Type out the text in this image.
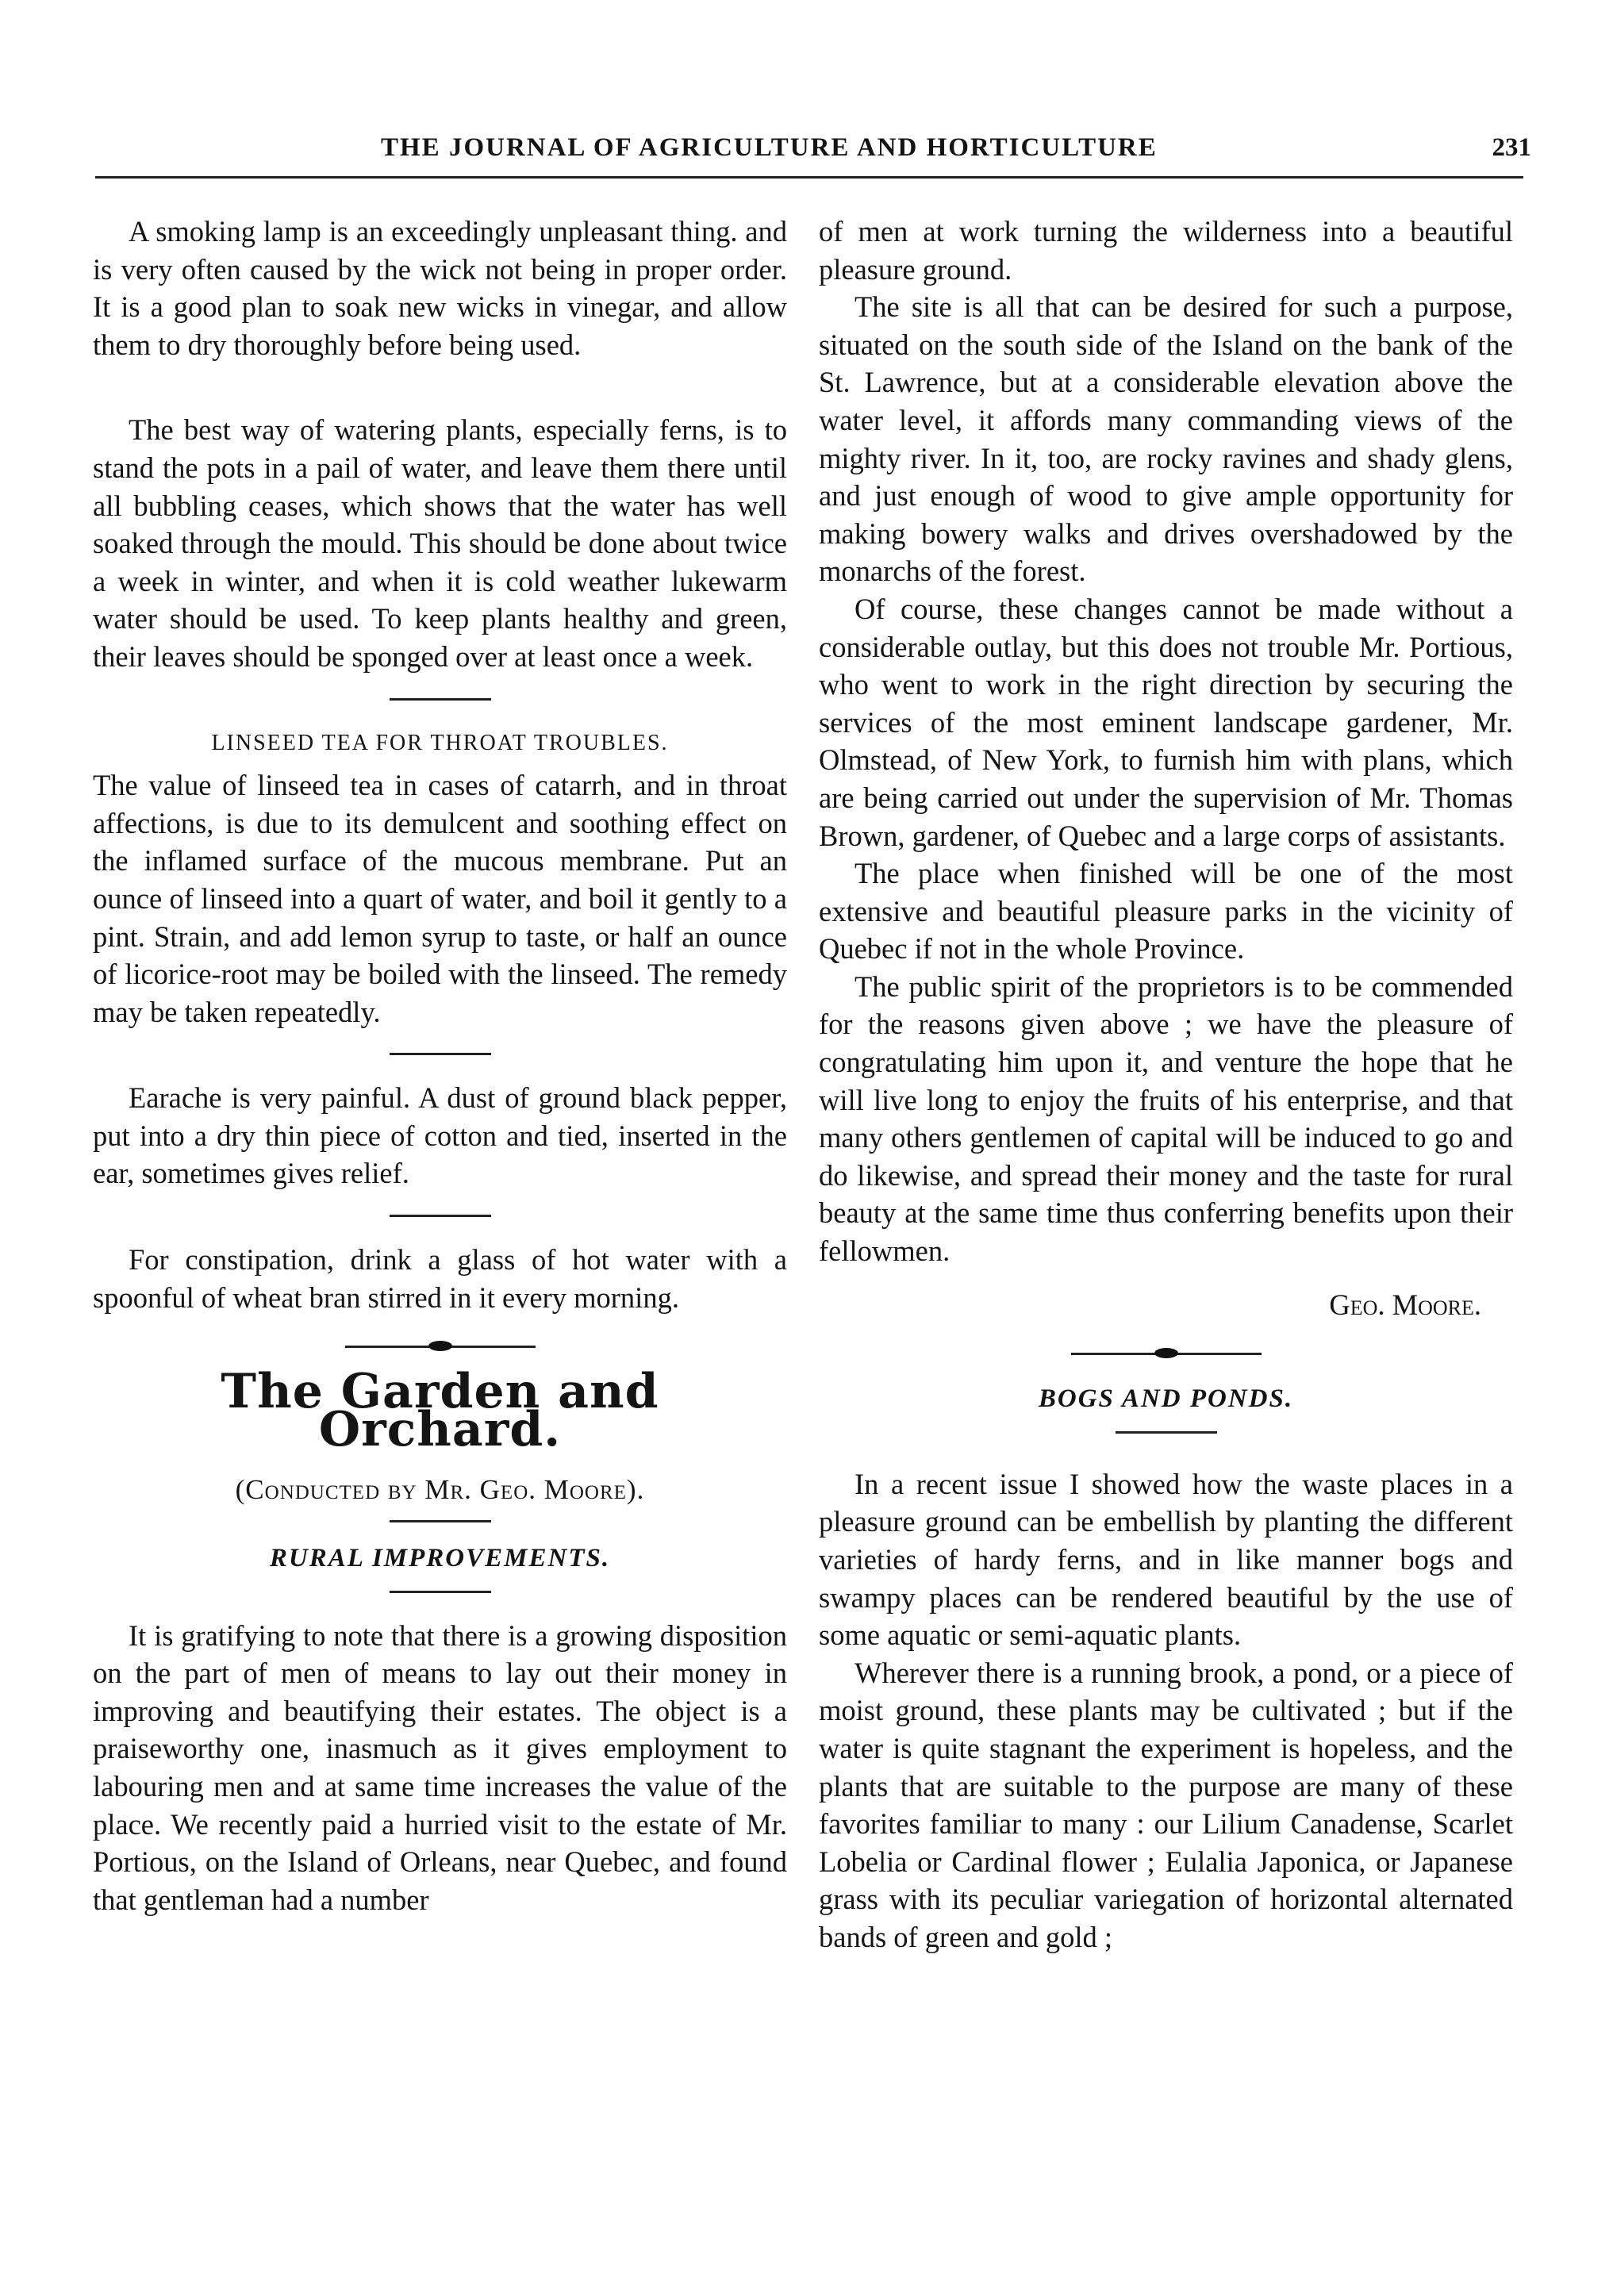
THE JOURNAL OF AGRICULTURE AND HORTICULTURE	231

A smoking lamp is an exceedingly unpleasant thing. and is very often caused by the wick not being in proper order. It is a good plan to soak new wicks in vinegar, and allow them to dry thoroughly before being used.

The best way of watering plants, especially ferns, is to stand the pots in a pail of water, and leave them there until all bubbling ceases, which shows that the water has well soaked through the mould. This should be done about twice a week in winter, and when it is cold weather lukewarm water should be used. To keep plants healthy and green, their leaves should be sponged over at least once a week.

LINSEED TEA FOR THROAT TROUBLES.

The value of linseed tea in cases of catarrh, and in throat affections, is due to its demulcent and soothing effect on the inflamed surface of the mucous membrane. Put an ounce of linseed into a quart of water, and boil it gently to a pint. Strain, and add lemon syrup to taste, or half an ounce of licorice-root may be boiled with the linseed. The remedy may be taken repeatedly.

Earache is very painful. A dust of ground black pepper, put into a dry thin piece of cotton and tied, inserted in the ear, sometimes gives relief.

For constipation, drink a glass of hot water with a spoonful of wheat bran stirred in it every morning.

The Garden and Orchard.
(Conducted by Mr. Geo. Moore).
RURAL IMPROVEMENTS.

It is gratifying to note that there is a growing disposition on the part of men of means to lay out their money in improving and beautifying their estates. The object is a praiseworthy one, inasmuch as it gives employment to labouring men and at same time increases the value of the place. We recently paid a hurried visit to the estate of Mr. Portious, on the Island of Orleans, near Quebec, and found that gentleman had a number

of men at work turning the wilderness into a beautiful pleasure ground.

The site is all that can be desired for such a purpose, situated on the south side of the Island on the bank of the St. Lawrence, but at a considerable elevation above the water level, it affords many commanding views of the mighty river. In it, too, are rocky ravines and shady glens, and just enough of wood to give ample opportunity for making bowery walks and drives overshadowed by the monarchs of the forest.

Of course, these changes cannot be made without a considerable outlay, but this does not trouble Mr. Portious, who went to work in the right direction by securing the services of the most eminent landscape gardener, Mr. Olmstead, of New York, to furnish him with plans, which are being carried out under the supervision of Mr. Thomas Brown, gardener, of Quebec and a large corps of assistants.

The place when finished will be one of the most extensive and beautiful pleasure parks in the vicinity of Quebec if not in the whole Province.

The public spirit of the proprietors is to be commended for the reasons given above ; we have the pleasure of congratulating him upon it, and venture the hope that he will live long to enjoy the fruits of his enterprise, and that many others gentlemen of capital will be induced to go and do likewise, and spread their money and the taste for rural beauty at the same time thus conferring benefits upon their fellowmen.

Geo. Moore.
BOGS AND PONDS.

In a recent issue I showed how the waste places in a pleasure ground can be embellish by planting the different varieties of hardy ferns, and in like manner bogs and swampy places can be rendered beautiful by the use of some aquatic or semi-aquatic plants.

Wherever there is a running brook, a pond, or a piece of moist ground, these plants may be cultivated ; but if the water is quite stagnant the experiment is hopeless, and the plants that are suitable to the purpose are many of these favorites familiar to many : our Lilium Canadense, Scarlet Lobelia or Cardinal flower ; Eulalia Japonica, or Japanese grass with its peculiar variegation of horizontal alternated bands of green and gold ;
